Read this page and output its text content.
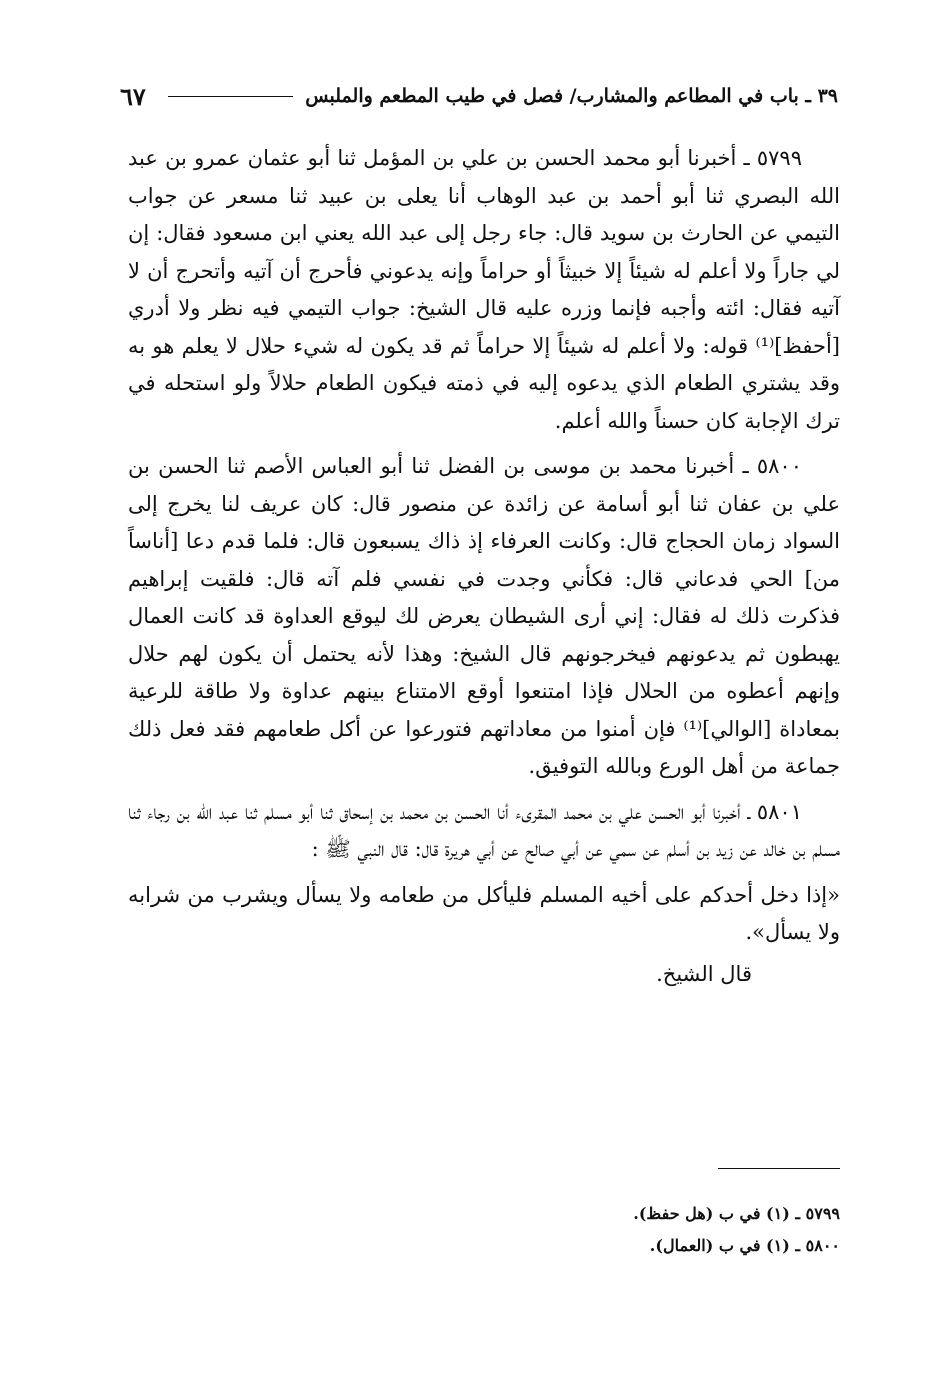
٦٧	٣٩ ـ باب في المطاعم والمشارب/ فصل في طيب المطعم والملبس

٥٧٩٩ ـ أخبرنا أبو محمد الحسن بن علي بن المؤمل ثنا أبو عثمان عمرو بن عبد الله البصري ثنا أبو أحمد بن عبد الوهاب أنا يعلى بن عبيد ثنا مسعر عن جواب التيمي عن الحارث بن سويد قال: جاء رجل إلى عبد الله يعني ابن مسعود فقال: إن لي جاراً ولا أعلم له شيئاً إلا خبيثاً أو حراماً وإنه يدعوني فأحرج أن آتيه وأتحرج أن لا آتيه فقال: ائته وأجبه فإنما وزره عليه قال الشيخ: جواب التيمي فيه نظر ولا أدري [أحفظ]⁽¹⁾ قوله: ولا أعلم له شيئاً إلا حراماً ثم قد يكون له شيء حلال لا يعلم هو به وقد يشتري الطعام الذي يدعوه إليه في ذمته فيكون الطعام حلالاً ولو استحله في ترك الإجابة كان حسناً والله أعلم.

٥٨٠٠ ـ أخبرنا محمد بن موسى بن الفضل ثنا أبو العباس الأصم ثنا الحسن بن علي بن عفان ثنا أبو أسامة عن زائدة عن منصور قال: كان عريف لنا يخرج إلى السواد زمان الحجاج قال: وكانت العرفاء إذ ذاك يسبعون قال: فلما قدم دعا [أناساً من] الحي فدعاني قال: فكأني وجدت في نفسي فلم آته قال: فلقيت إبراهيم فذكرت ذلك له فقال: إني أرى الشيطان يعرض لك ليوقع العداوة قد كانت العمال يهبطون ثم يدعونهم فيخرجونهم قال الشيخ: وهذا لأنه يحتمل أن يكون لهم حلال وإنهم أعطوه من الحلال فإذا امتنعوا أوقع الامتناع بينهم عداوة ولا طاقة للرعية بمعاداة [الوالي]⁽¹⁾ فإن أمنوا من معاداتهم فتورعوا عن أكل طعامهم فقد فعل ذلك جماعة من أهل الورع وبالله التوفيق.

٥٨٠١ ـ أخبرنا أبو الحسن علي بن محمد المقرىء أنا الحسن بن محمد بن إسحاق ثنا أبو مسلم ثنا عبد الله بن رجاء ثنا مسلم بن خالد عن زيد بن أسلم عن سمي عن أبي صالح عن أبي هريرة قال: قال النبي ﷺ :

«إذا دخل أحدكم على أخيه المسلم فليأكل من طعامه ولا يسأل ويشرب من شرابه ولا يسأل».

قال الشيخ.

٥٧٩٩ ـ (١) في ب (هل حفظ).

٥٨٠٠ ـ (١) في ب (العمال).
